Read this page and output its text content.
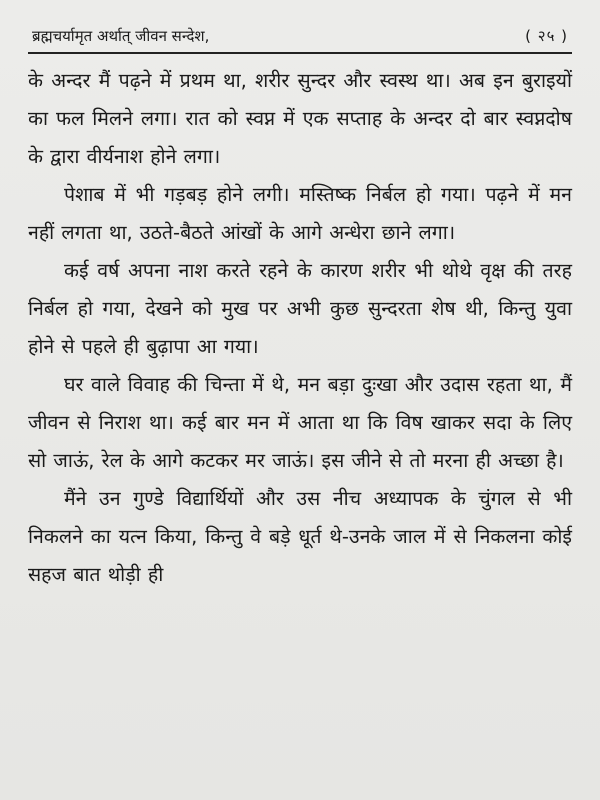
ब्रह्मचर्यामृत अर्थात् जीवन सन्देश,	( २५ )

के अन्दर मैं पढ़ने में प्रथम था, शरीर सुन्दर और स्वस्थ था। अब इन बुराइयों का फल मिलने लगा। रात को स्वप्न में एक सप्ताह के अन्दर दो बार स्वप्नदोष के द्वारा वीर्यनाश होने लगा।

पेशाब में भी गड़बड़ होने लगी। मस्तिष्क निर्बल हो गया। पढ़ने में मन नहीं लगता था, उठते-बैठते आंखों के आगे अन्धेरा छाने लगा।

कई वर्ष अपना नाश करते रहने के कारण शरीर भी थोथे वृक्ष की तरह निर्बल हो गया, देखने को मुख पर अभी कुछ सुन्दरता शेष थी, किन्तु युवा होने से पहले ही बुढ़ापा आ गया।

घर वाले विवाह की चिन्ता में थे, मन बड़ा दुःखा और उदास रहता था, मैं जीवन से निराश था। कई बार मन में आता था कि विष खाकर सदा के लिए सो जाऊं, रेल के आगे कटकर मर जाऊं। इस जीने से तो मरना ही अच्छा है।

मैंने उन गुण्डे विद्यार्थियों और उस नीच अध्यापक के चुंगल से भी निकलने का यत्न किया, किन्तु वे बड़े धूर्त थे-उनके जाल में से निकलना कोई सहज बात थोड़ी ही
